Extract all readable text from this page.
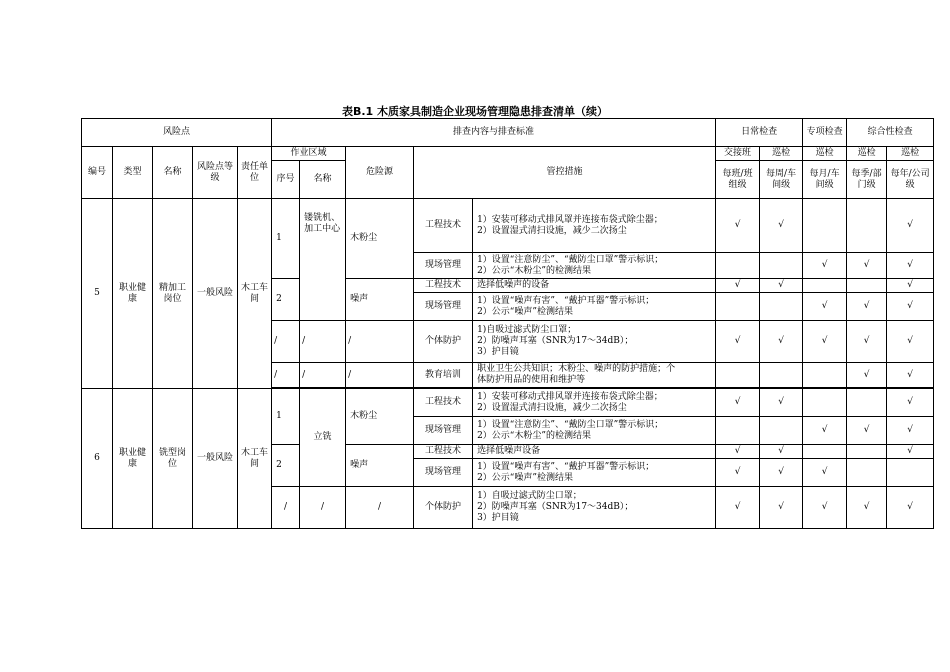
表B.1 木质家具制造企业现场管理隐患排查清单（续）
风险点					排查内容与排查标准					日常检查		专项检查	综合性检查	
编号	类型	名称	风险点等级	责任单位	作业区域		危险源	管控措施		交接班	巡检	巡检	巡检	巡检
					序号	名称				每班/班组级	每周/车间级	每月/车间级	每季/部门级	每年/公司级
5	职业健康	精加工岗位	一般风险	木工车间	1	镂铣机、加工中心	木粉尘	工程技术	1）安装可移动式排风罩并连接布袋式除尘器；
2）设置湿式清扫设施，减少二次扬尘	√	√			√
								现场管理	1）设置“注意防尘”、“戴防尘口罩”警示标识；
2）公示“木粉尘”的检测结果			√	√	√
					2		噪声	工程技术	选择低噪声的设备	√	√			√
								现场管理	1）设置“噪声有害”、“戴护耳器”警示标识；
2）公示“噪声”检测结果			√	√	√
					/	/	/	个体防护	1)自吸过滤式防尘口罩；
2）防噪声耳塞（SNR为17～34dB）；
3）护目镜	√	√	√	√	√
					/	/	/	教育培训	职业卫生公共知识；木粉尘、噪声的防护措施；个
体防护用品的使用和维护等				√	√

6	职业健康	铣型岗位	一般风险	木工车间	1	立铣	木粉尘	工程技术	1）安装可移动式排风罩并连接布袋式除尘器；
2）设置湿式清扫设施，减少二次扬尘	√	√			√
								现场管理	1）设置“注意防尘”、“戴防尘口罩”警示标识；
2）公示“木粉尘”的检测结果			√	√	√
					2		噪声	工程技术	选择低噪声设备	√	√			√
								现场管理	1）设置“噪声有害”、“戴护耳器”警示标识；
2）公示“噪声”检测结果	√	√	√		
					/	/	/	个体防护	1）自吸过滤式防尘口罩；
2）防噪声耳塞（SNR为17～34dB）；
3）护目镜	√	√	√	√	√
